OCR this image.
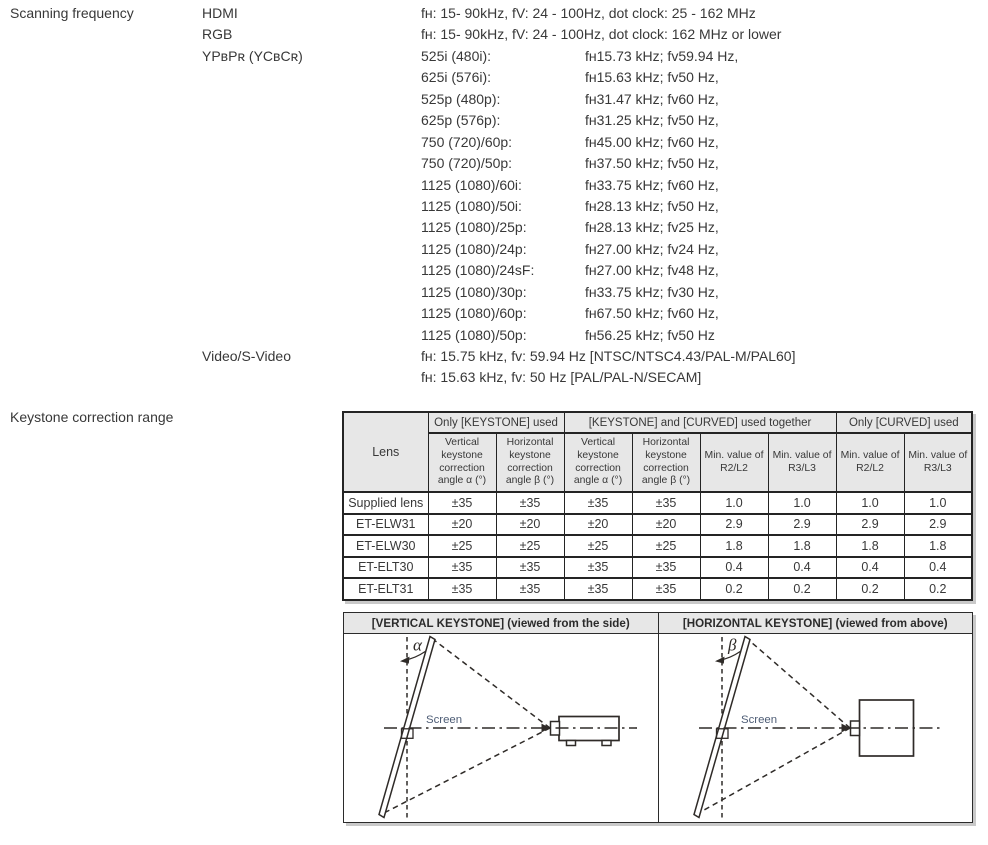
Scanning frequency	HDMI	fʜ: 15- 90kHz, fV: 24 - 100Hz, dot clock: 25 - 162 MHz
RGB	fʜ: 15- 90kHz, fV: 24 - 100Hz, dot clock: 162 MHz or lower
YPʙPʀ (YCʙCʀ)	525i (480i):	fʜ15.73 kHz; fv59.94 Hz,
625i (576i):	fʜ15.63 kHz; fv50 Hz,
525p (480p):	fʜ31.47 kHz; fv60 Hz,
625p (576p):	fʜ31.25 kHz; fv50 Hz,
750 (720)/60p:	fʜ45.00 kHz; fv60 Hz,
750 (720)/50p:	fʜ37.50 kHz; fv50 Hz,
1125 (1080)/60i:	fʜ33.75 kHz; fv60 Hz,
1125 (1080)/50i:	fʜ28.13 kHz; fv50 Hz,
1125 (1080)/25p:	fʜ28.13 kHz; fv25 Hz,
1125 (1080)/24p:	fʜ27.00 kHz; fv24 Hz,
1125 (1080)/24sF:	fʜ27.00 kHz; fv48 Hz,
1125 (1080)/30p:	fʜ33.75 kHz; fv30 Hz,
1125 (1080)/60p:	fʜ67.50 kHz; fv60 Hz,
1125 (1080)/50p:	fʜ56.25 kHz; fv50 Hz
Video/S-Video	fʜ: 15.75 kHz, fv: 59.94 Hz [NTSC/NTSC4.43/PAL-M/PAL60]
fʜ: 15.63 kHz, fv: 50 Hz [PAL/PAL-N/SECAM]
Keystone correction range
Lens	Only [KEYSTONE] used		[KEYSTONE] and [CURVED] used together				Only [CURVED] used	
	Vertical keystone correction angle α (°)	Horizontal keystone correction angle β (°)	Vertical keystone correction angle α (°)	Horizontal keystone correction angle β (°)	Min. value of R2/L2	Min. value of R3/L3	Min. value of R2/L2	Min. value of R3/L3
Supplied lens	±35	±35	±35	±35	1.0	1.0	1.0	1.0
ET-ELW31	±20	±20	±20	±20	2.9	2.9	2.9	2.9
ET-ELW30	±25	±25	±25	±25	1.8	1.8	1.8	1.8
ET-ELT30	±35	±35	±35	±35	0.4	0.4	0.4	0.4
ET-ELT31	±35	±35	±35	±35	0.2	0.2	0.2	0.2
[VERTICAL KEYSTONE] (viewed from the side)	[HORIZONTAL KEYSTONE] (viewed from above)
α
Screen
β
Screen
